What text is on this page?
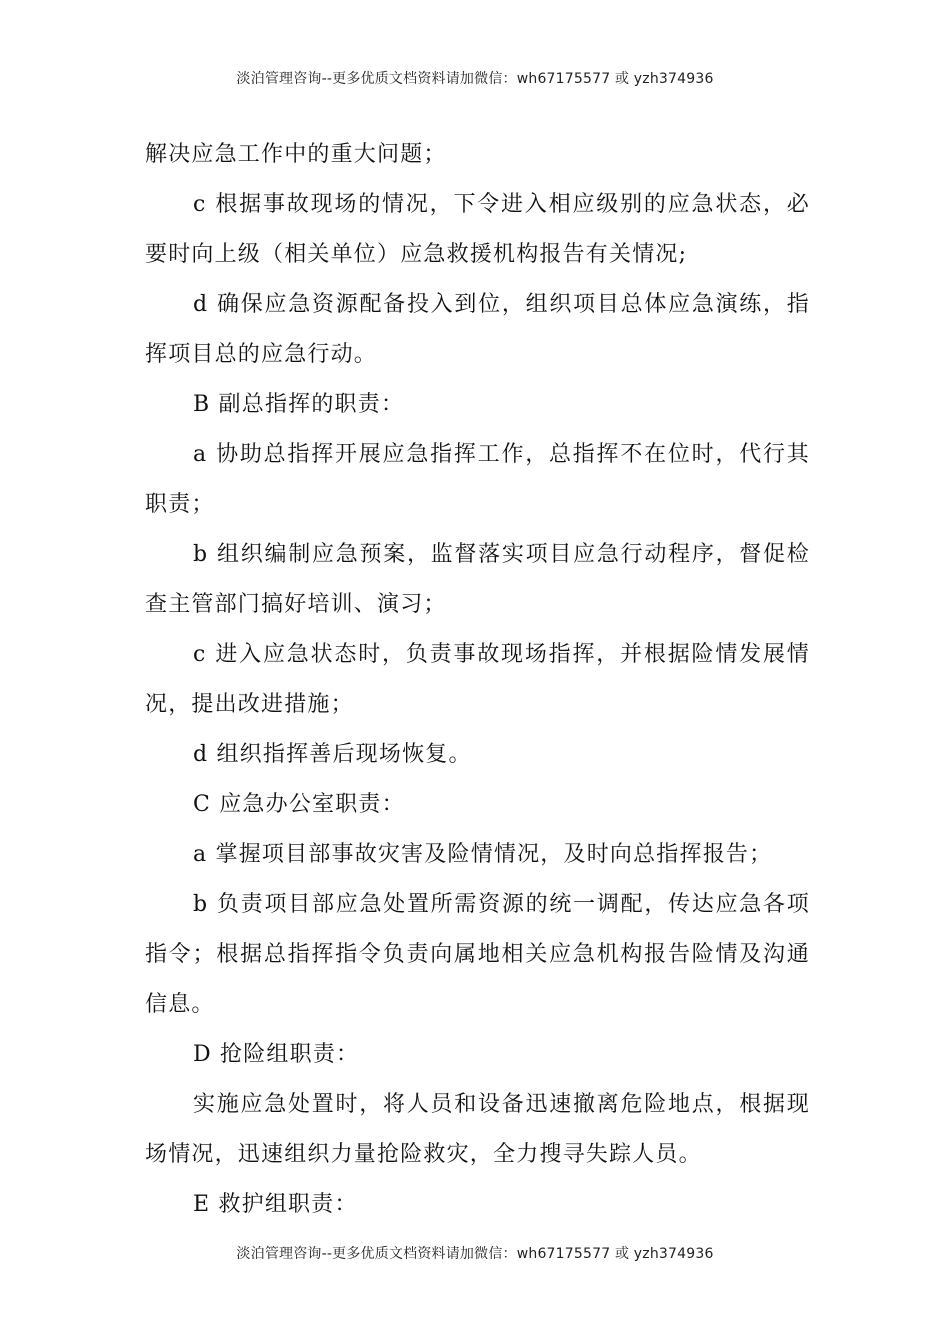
淡泊管理咨询--更多优质文档资料请加微信：wh67175577 或 yzh374936

解决应急工作中的重大问题；

c 根据事故现场的情况，下令进入相应级别的应急状态，必要时向上级（相关单位）应急救援机构报告有关情况;

d 确保应急资源配备投入到位，组织项目总体应急演练，指挥项目总的应急行动。

B 副总指挥的职责：

a 协助总指挥开展应急指挥工作，总指挥不在位时，代行其职责；

b 组织编制应急预案，监督落实项目应急行动程序，督促检查主管部门搞好培训、演习；

c 进入应急状态时，负责事故现场指挥，并根据险情发展情况，提出改进措施；

d 组织指挥善后现场恢复。

C 应急办公室职责：

a 掌握项目部事故灾害及险情情况，及时向总指挥报告；

b 负责项目部应急处置所需资源的统一调配，传达应急各项指令；根据总指挥指令负责向属地相关应急机构报告险情及沟通信息。

D 抢险组职责：

实施应急处置时，将人员和设备迅速撤离危险地点，根据现场情况，迅速组织力量抢险救灾，全力搜寻失踪人员。

E 救护组职责：

淡泊管理咨询--更多优质文档资料请加微信：wh67175577 或 yzh374936
